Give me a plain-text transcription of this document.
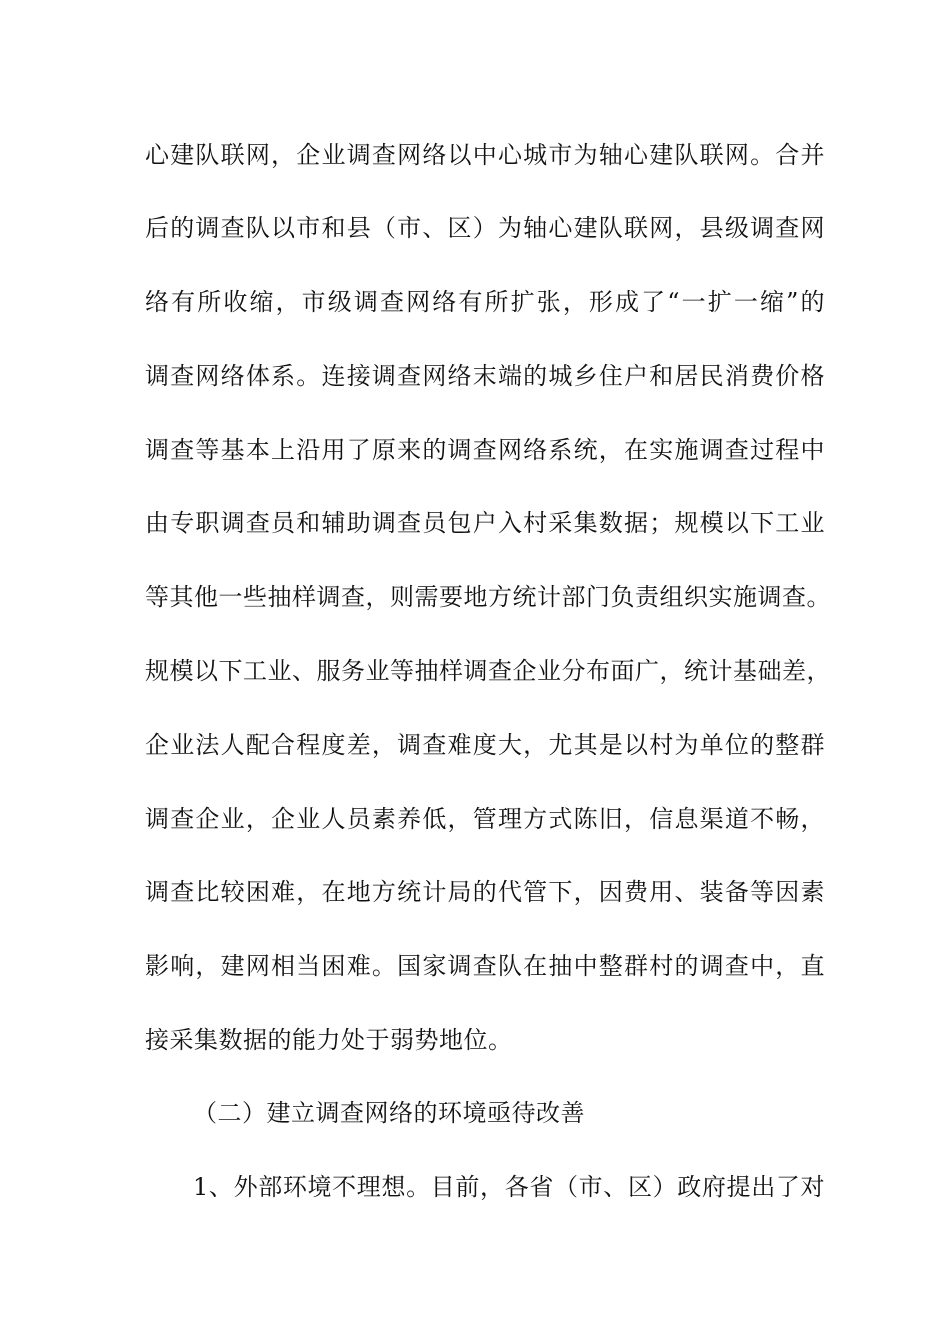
心建队联网，企业调查网络以中心城市为轴心建队联网。合并
后的调查队以市和县（市、区）为轴心建队联网，县级调查网
络有所收缩，市级调查网络有所扩张，形成了“一扩一缩”的
调查网络体系。连接调查网络末端的城乡住户和居民消费价格
调查等基本上沿用了原来的调查网络系统，在实施调查过程中
由专职调查员和辅助调查员包户入村采集数据；规模以下工业
等其他一些抽样调查，则需要地方统计部门负责组织实施调查。
规模以下工业、服务业等抽样调查企业分布面广，统计基础差，
企业法人配合程度差，调查难度大，尤其是以村为单位的整群
调查企业，企业人员素养低，管理方式陈旧，信息渠道不畅，
调查比较困难，在地方统计局的代管下，因费用、装备等因素
影响，建网相当困难。国家调查队在抽中整群村的调查中，直
接采集数据的能力处于弱势地位。
（二）建立调查网络的环境亟待改善
1、外部环境不理想。目前，各省（市、区）政府提出了对
